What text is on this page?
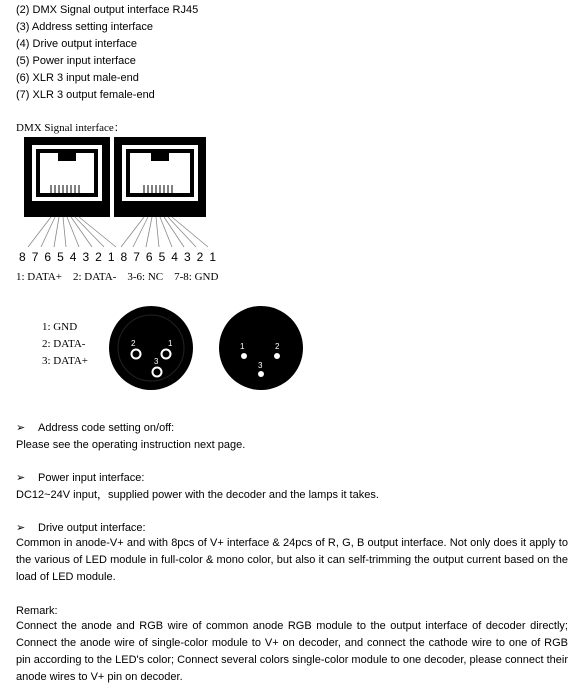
(2) DMX Signal output interface RJ45
(3) Address setting interface
(4) Drive output interface
(5) Power input interface
(6) XLR 3 input male-end
(7) XLR 3 output female-end
DMX Signal interface：
8 7 6 5 4 3 2 1 8 7 6 5 4 3 2 1
1: DATA+    2: DATA-    3-6: NC    7-8: GND
1: GND
2: DATA-
3: DATA+
2	1
3
1	2
3
➢ Address code setting on/off:
Please see the operating instruction next page.
➢ Power input interface:
DC12~24V input，supplied power with the decoder and the lamps it takes.
➢ Drive output interface:
Common in anode-V+ and with 8pcs of V+ interface & 24pcs of R, G, B output interface. Not only does it apply to the various of LED module in full-color & mono color, but also it can self-trimming the output current based on the load of LED module.
Remark:
Connect the anode and RGB wire of common anode RGB module to the output interface of decoder directly; Connect the anode wire of single-color module to V+ on decoder, and connect the cathode wire to one of RGB pin according to the LED's color; Connect several colors single-color module to one decoder, please connect their anode wires to V+ pin on decoder.
